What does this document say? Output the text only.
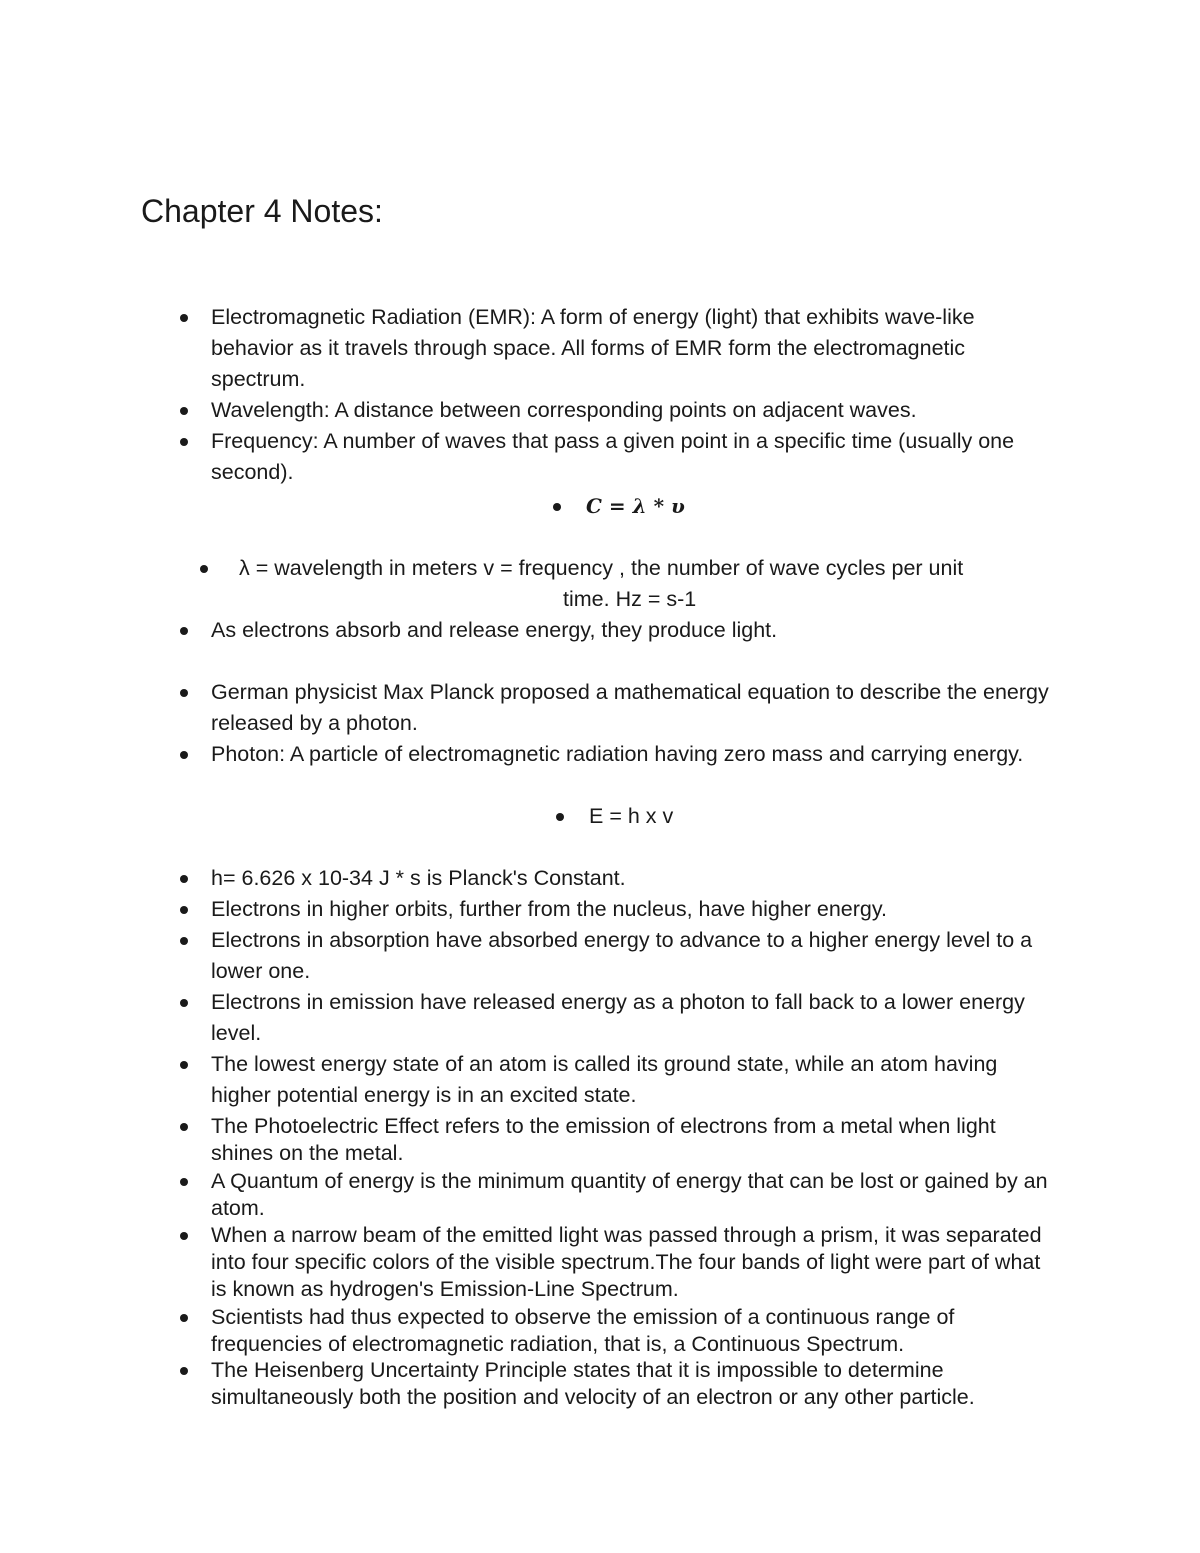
Chapter 4 Notes:
Electromagnetic Radiation (EMR): A form of energy (light) that exhibits wave-like behavior as it travels through space. All forms of EMR form the electromagnetic spectrum.
Wavelength: A distance between corresponding points on adjacent waves.
Frequency: A number of waves that pass a given point in a specific time (usually one second).
C = λ * υ
λ = wavelength in meters v = frequency , the number of wave cycles per unit
time. Hz = s-1
As electrons absorb and release energy, they produce light.
German physicist Max Planck proposed a mathematical equation to describe the energy released by a photon.
Photon: A particle of electromagnetic radiation having zero mass and carrying energy.
E = h x v
h= 6.626 x 10-34 J * s is Planck's Constant.
Electrons in higher orbits, further from the nucleus, have higher energy.
Electrons in absorption have absorbed energy to advance to a higher energy level to a lower one.
Electrons in emission have released energy as a photon to fall back to a lower energy level.
The lowest energy state of an atom is called its ground state, while an atom having higher potential energy is in an excited state.
The Photoelectric Effect refers to the emission of electrons from a metal when light shines on the metal.
A Quantum of energy is the minimum quantity of energy that can be lost or gained by an atom.
When a narrow beam of the emitted light was passed through a prism, it was separated into four specific colors of the visible spectrum.The four bands of light were part of what is known as hydrogen's Emission-Line Spectrum.
Scientists had thus expected to observe the emission of a continuous range of frequencies of electromagnetic radiation, that is, a Continuous Spectrum.
The Heisenberg Uncertainty Principle states that it is impossible to determine simultaneously both the position and velocity of an electron or any other particle.
